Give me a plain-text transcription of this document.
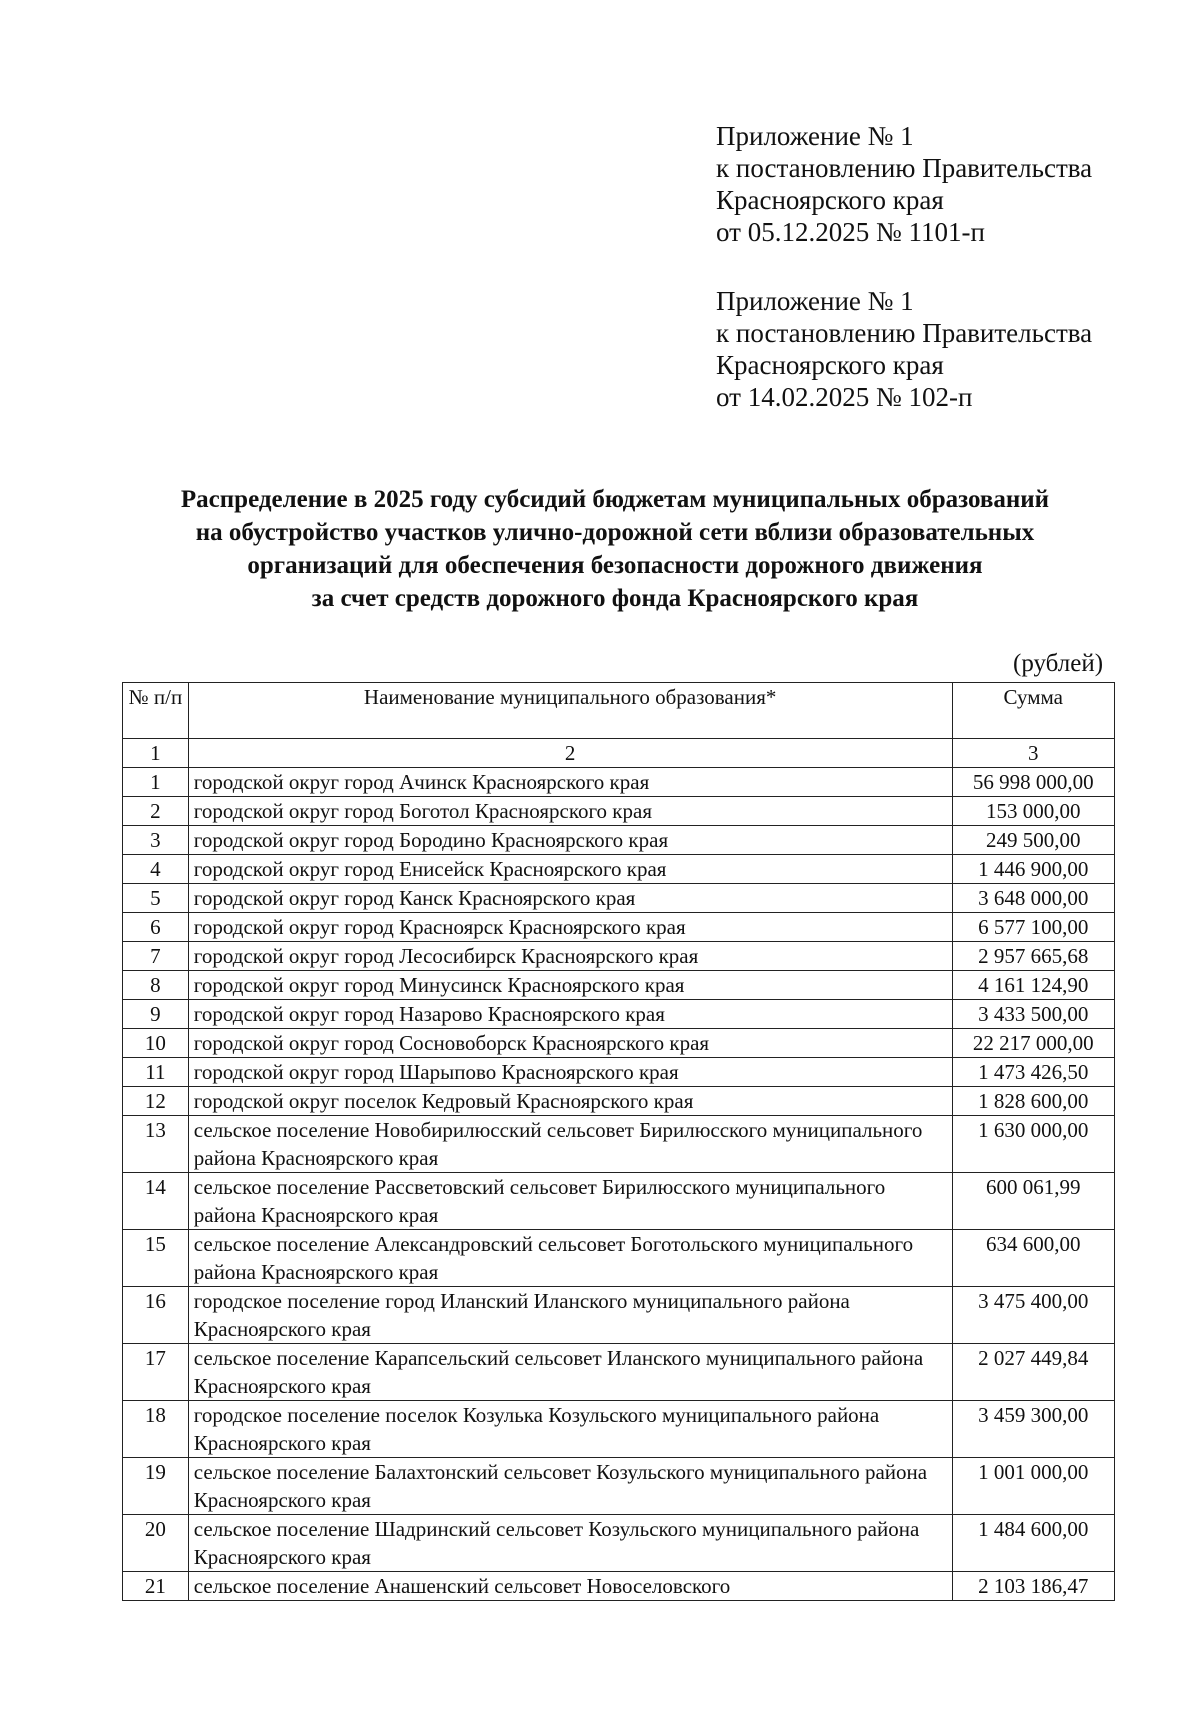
Приложение № 1
к постановлению Правительства
Красноярского края
от 05.12.2025 № 1101-п
Приложение № 1
к постановлению Правительства
Красноярского края
от 14.02.2025 № 102-п
Распределение в 2025 году субсидий бюджетам муниципальных образований
на обустройство участков улично-дорожной сети вблизи образовательных
организаций для обеспечения безопасности дорожного движения
за счет средств дорожного фонда Красноярского края
(рублей)
№ п/п	Наименование муниципального образования*	Сумма
1	2	3
1	городской округ город Ачинск Красноярского края	56 998 000,00
2	городской округ город Боготол Красноярского края	153 000,00
3	городской округ город Бородино Красноярского края	249 500,00
4	городской округ город Енисейск Красноярского края	1 446 900,00
5	городской округ город Канск Красноярского края	3 648 000,00
6	городской округ город Красноярск Красноярского края	6 577 100,00
7	городской округ город Лесосибирск Красноярского края	2 957 665,68
8	городской округ город Минусинск Красноярского края	4 161 124,90
9	городской округ город Назарово Красноярского края	3 433 500,00
10	городской округ город Сосновоборск Красноярского края	22 217 000,00
11	городской округ город Шарыпово Красноярского края	1 473 426,50
12	городской округ поселок Кедровый Красноярского края	1 828 600,00
13	сельское поселение Новобирилюсский сельсовет Бирилюсского муниципального района Красноярского края	1 630 000,00
14	сельское поселение Рассветовский сельсовет Бирилюсского муниципального района Красноярского края	600 061,99
15	сельское поселение Александровский сельсовет Боготольского муниципального района Красноярского края	634 600,00
16	городское поселение город Иланский Иланского муниципального района Красноярского края	3 475 400,00
17	сельское поселение Карапсельский сельсовет Иланского муниципального района Красноярского края	2 027 449,84
18	городское поселение поселок Козулька Козульского муниципального района Красноярского края	3 459 300,00
19	сельское поселение Балахтонский сельсовет Козульского муниципального района Красноярского края	1 001 000,00
20	сельское поселение Шадринский сельсовет Козульского муниципального района Красноярского края	1 484 600,00
21	сельское поселение Анашенский сельсовет Новоселовского	2 103 186,47
